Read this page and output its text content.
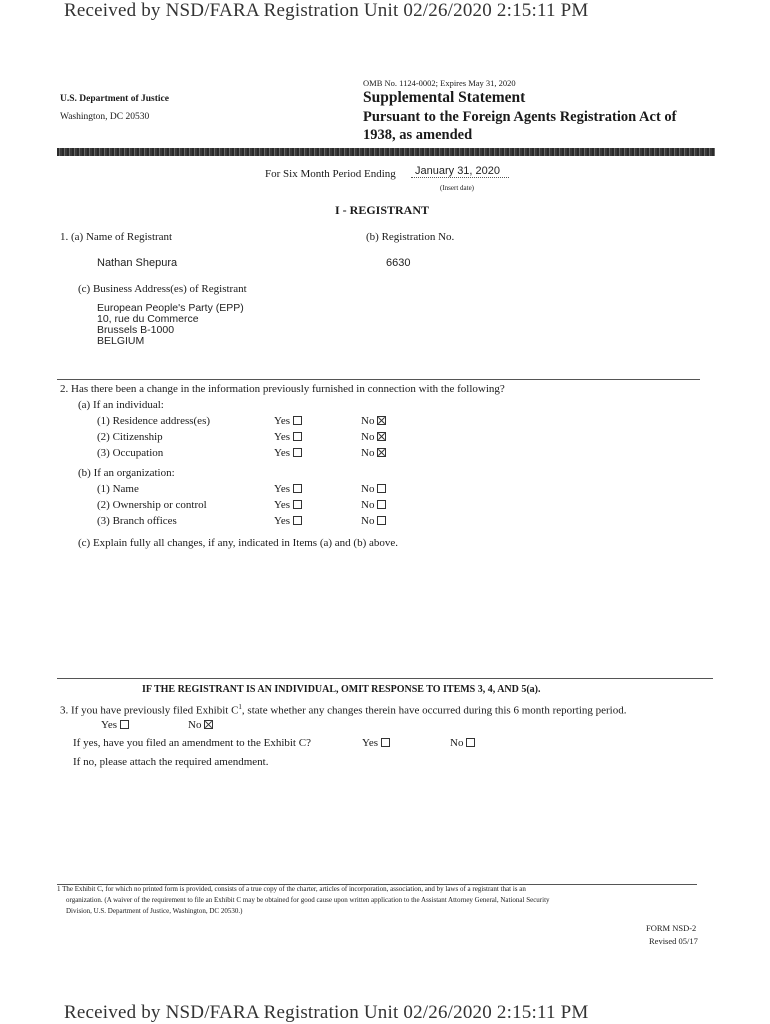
Received by NSD/FARA Registration Unit 02/26/2020 2:15:11 PM
U.S. Department of Justice
Washington, DC 20530
OMB No. 1124-0002; Expires May 31, 2020
Supplemental Statement
Pursuant to the Foreign Agents Registration Act of
1938, as amended
For Six Month Period Ending	January 31, 2020
(Insert date)
I - REGISTRANT
1. (a) Name of Registrant	(b) Registration No.
Nathan Shepura	6630
(c) Business Address(es) of Registrant
European People's Party (EPP)
10, rue du Commerce
Brussels B-1000
BELGIUM
2. Has there been a change in the information previously furnished in connection with the following?
(a) If an individual:
(1) Residence address(es)	Yes	No
(2) Citizenship	Yes	No
(3) Occupation	Yes	No
(b) If an organization:
(1) Name	Yes	No
(2) Ownership or control	Yes	No
(3) Branch offices	Yes	No
(c) Explain fully all changes, if any, indicated in Items (a) and (b) above.
IF THE REGISTRANT IS AN INDIVIDUAL, OMIT RESPONSE TO ITEMS 3, 4, AND 5(a).
3. If you have previously filed Exhibit $C^1$, state whether any changes therein have occurred during this 6 month reporting period.
Yes	No
If yes, have you filed an amendment to the Exhibit C?	Yes	No
If no, please attach the required amendment.
1 The Exhibit C, for which no printed form is provided, consists of a true copy of the charter, articles of incorporation, association, and by laws of a registrant that is an
organization. (A waiver of the requirement to file an Exhibit C may be obtained for good cause upon written application to the Assistant Attorney General, National Security
Division, U.S. Department of Justice, Washington, DC 20530.)
FORM NSD-2
Revised 05/17
Received by NSD/FARA Registration Unit 02/26/2020 2:15:11 PM
